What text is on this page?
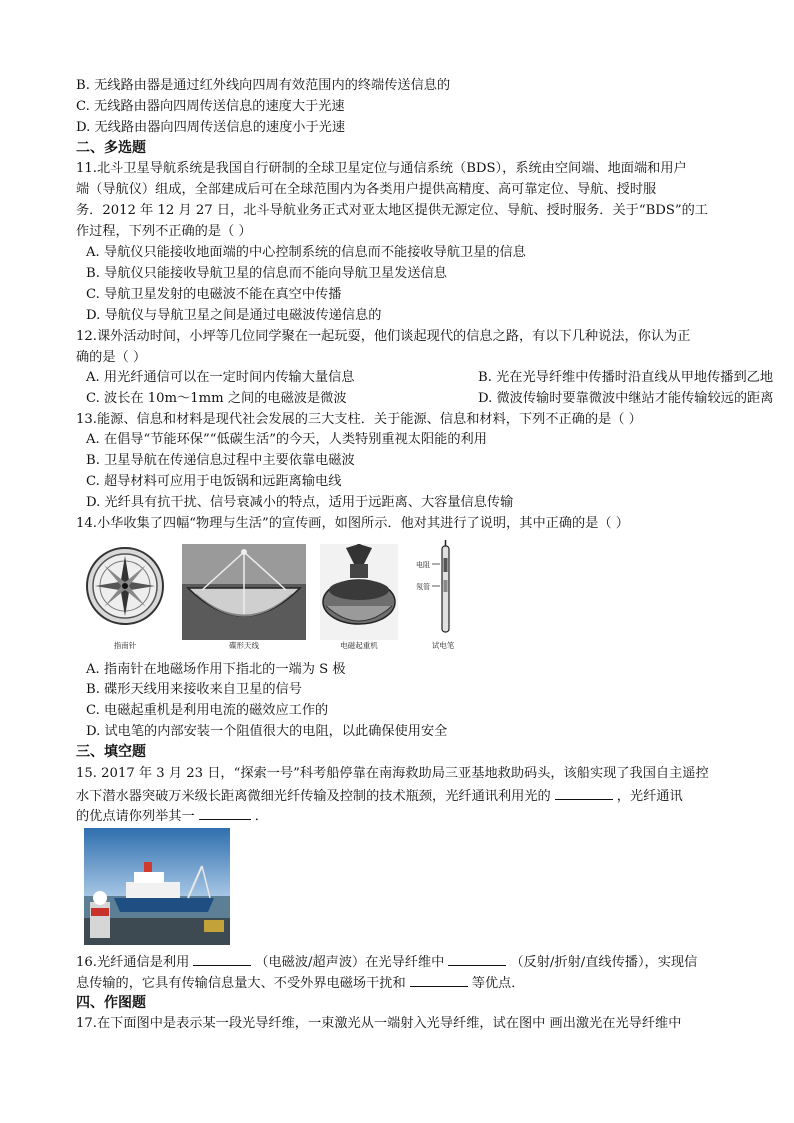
B. 无线路由器是通过红外线向四周有效范围内的终端传送信息的
C. 无线路由器向四周传送信息的速度大于光速
D. 无线路由器向四周传送信息的速度小于光速
二、多选题
11.北斗卫星导航系统是我国自行研制的全球卫星定位与通信系统（BDS），系统由空间端、地面端和用户
端（导航仪）组成，全部建成后可在全球范围内为各类用户提供高精度、高可靠定位、导航、授时服
务．2012 年 12 月 27 日，北斗导航业务正式对亚太地区提供无源定位、导航、授时服务．关于“BDS”的工
作过程，下列不正确的是（ ）
A. 导航仪只能接收地面端的中心控制系统的信息而不能接收导航卫星的信息
B. 导航仪只能接收导航卫星的信息而不能向导航卫星发送信息
C. 导航卫星发射的电磁波不能在真空中传播
D. 导航仪与导航卫星之间是通过电磁波传递信息的
12.课外活动时间，小坪等几位同学聚在一起玩耍，他们谈起现代的信息之路，有以下几种说法，你认为正
确的是（ ）
A. 用光纤通信可以在一定时间内传输大量信息	B. 光在光导纤维中传播时沿直线从甲地传播到乙地
C. 波长在 10m～1mm 之间的电磁波是微波	D. 微波传输时要靠微波中继站才能传输较远的距离
13.能源、信息和材料是现代社会发展的三大支柱．关于能源、信息和材料，下列不正确的是（ ）
A. 在倡导“节能环保”“低碳生活”的今天，人类特别重视太阳能的利用
B. 卫星导航在传递信息过程中主要依靠电磁波
C. 超导材料可应用于电饭锅和远距离输电线
D. 光纤具有抗干扰、信号衰减小的特点，适用于远距离、大容量信息传输
14.小华收集了四幅“物理与生活”的宣传画，如图所示．他对其进行了说明，其中正确的是（ ）
指南针	碟形天线	电磁起重机
电阻
氖管
试电笔
A. 指南针在地磁场作用下指北的一端为 S 极
B. 碟形天线用来接收来自卫星的信号
C. 电磁起重机是利用电流的磁效应工作的
D. 试电笔的内部安装一个阻值很大的电阻，以此确保使用安全
三、填空题
15. 2017 年 3 月 23 日，“探索一号”科考船停靠在南海救助局三亚基地救助码头，该船实现了我国自主遥控
水下潜水器突破万米级长距离微细光纤传输及控制的技术瓶颈，光纤通讯利用光的	，光纤通讯
的优点请你列举其一	．
16.光纤通信是利用	（电磁波/超声波）在光导纤维中	（反射/折射/直线传播），实现信
息传输的，它具有传输信息量大、不受外界电磁场干扰和	等优点．
四、作图题
17.在下面图中是表示某一段光导纤维，一束激光从一端射入光导纤维，试在图中 画出激光在光导纤维中
